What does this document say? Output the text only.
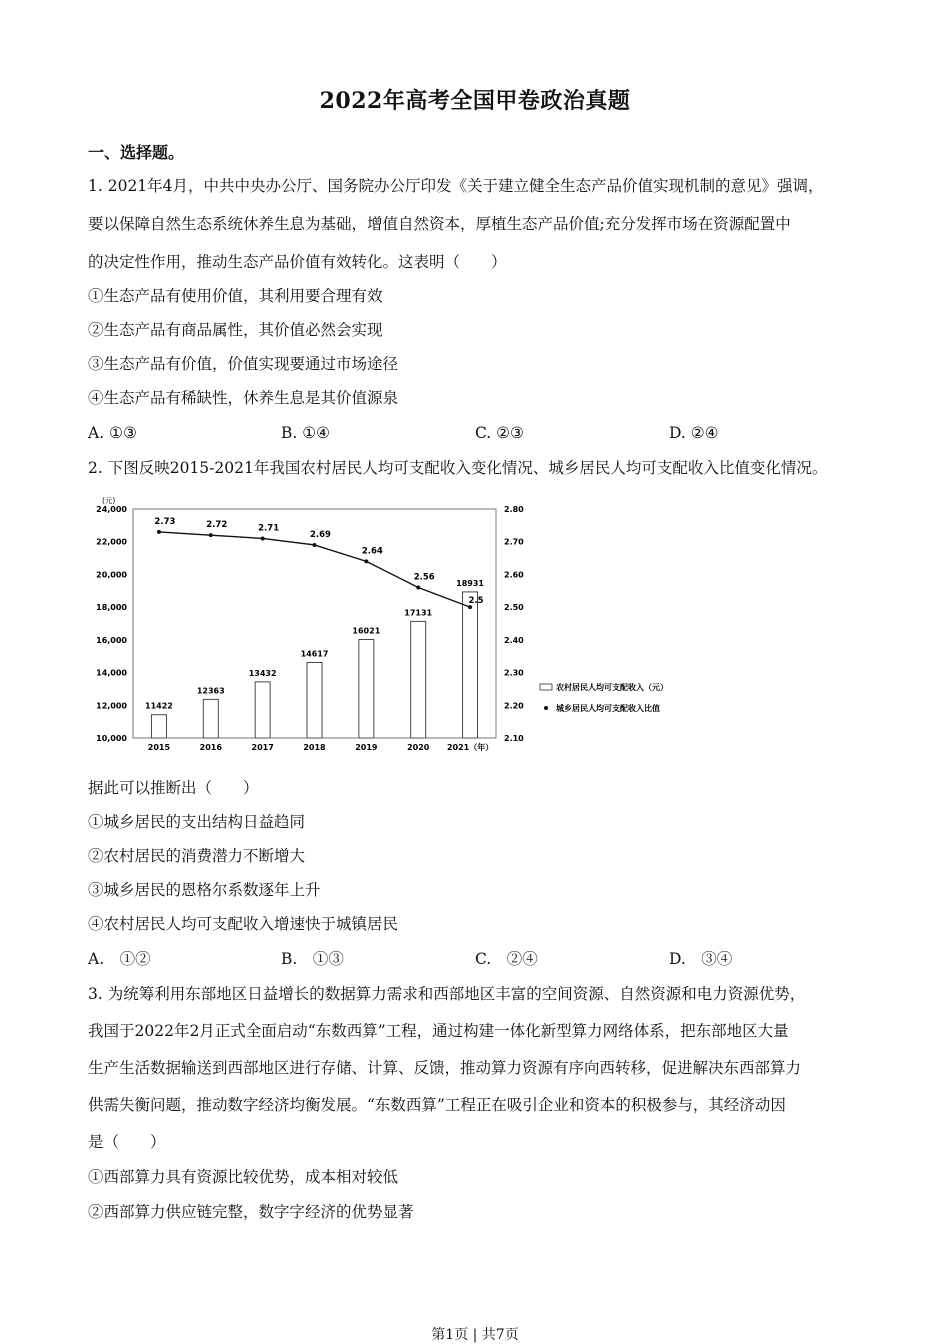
2022年高考全国甲卷政治真题
一、选择题。
1. 2021年4月，中共中央办公厅、国务院办公厅印发《关于建立健全生态产品价值实现机制的意见》强调，
要以保障自然生态系统休养生息为基础，增值自然资本，厚植生态产品价值;充分发挥市场在资源配置中
的决定性作用，推动生态产品价值有效转化。这表明（　　）
①生态产品有使用价值，其利用要合理有效
②生态产品有商品属性，其价值必然会实现
③生态产品有价值，价值实现要通过市场途径
④生态产品有稀缺性，休养生息是其价值源泉
A. ①③	B. ①④	C. ②③	D. ②④
2. 下图反映2015-2021年我国农村居民人均可支配收入变化情况、城乡居民人均可支配收入比值变化情况。
(元)
10,000
12,000
14,000
16,000
18,000
20,000
22,000
24,000
2.10
2.20
2.30
2.40
2.50
2.60
2.70
2.80
11422
12363
13432
14617
16021
17131
18931
2015	2016	2017	2018	2019	2020 2021（年）
2.73	2.72	2.71
2.69
2.64
2.56
2.5
农村居民人均可支配收入（元）
城乡居民人均可支配收入比值
据此可以推断出（　　）
①城乡居民的支出结构日益趋同
②农村居民的消费潜力不断增大
③城乡居民的恩格尔系数逐年上升
④农村居民人均可支配收入增速快于城镇居民
A.　①②	B.　①③	C.　②④	D.　③④
3. 为统筹利用东部地区日益增长的数据算力需求和西部地区丰富的空间资源、自然资源和电力资源优势，
我国于2022年2月正式全面启动“东数西算”工程，通过构建一体化新型算力网络体系，把东部地区大量
生产生活数据输送到西部地区进行存储、计算、反馈，推动算力资源有序向西转移，促进解决东西部算力
供需失衡问题，推动数字经济均衡发展。“东数西算”工程正在吸引企业和资本的积极参与，其经济动因
是（　　）
①西部算力具有资源比较优势，成本相对较低
②西部算力供应链完整，数字字经济的优势显著
第1页 | 共7页
